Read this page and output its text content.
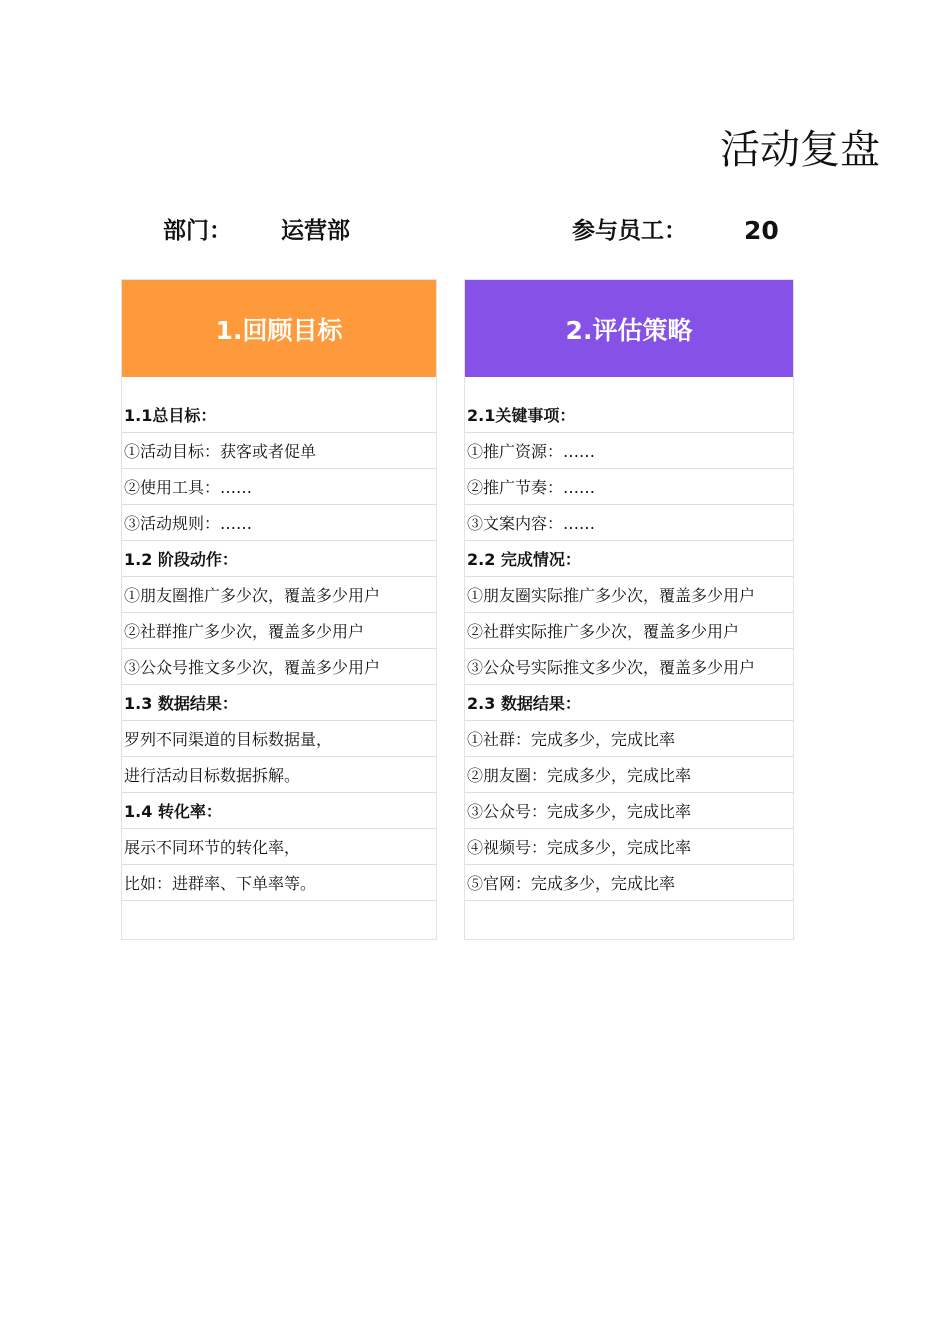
活动复盘
部门： 运营部	参与员工： 20
1.回顾目标
1.1总目标：
①活动目标：获客或者促单
②使用工具：……
③活动规则：……
1.2 阶段动作：
①朋友圈推广多少次，覆盖多少用户
②社群推广多少次，覆盖多少用户
③公众号推文多少次，覆盖多少用户
1.3 数据结果：
罗列不同渠道的目标数据量，
进行活动目标数据拆解。
1.4 转化率：
展示不同环节的转化率，
比如：进群率、下单率等。
2.评估策略
2.1关键事项：
①推广资源：……
②推广节奏：……
③文案内容：……
2.2 完成情况：
①朋友圈实际推广多少次，覆盖多少用户
②社群实际推广多少次，覆盖多少用户
③公众号实际推文多少次，覆盖多少用户
2.3 数据结果：
①社群：完成多少，完成比率
②朋友圈：完成多少，完成比率
③公众号：完成多少，完成比率
④视频号：完成多少，完成比率
⑤官网：完成多少，完成比率
